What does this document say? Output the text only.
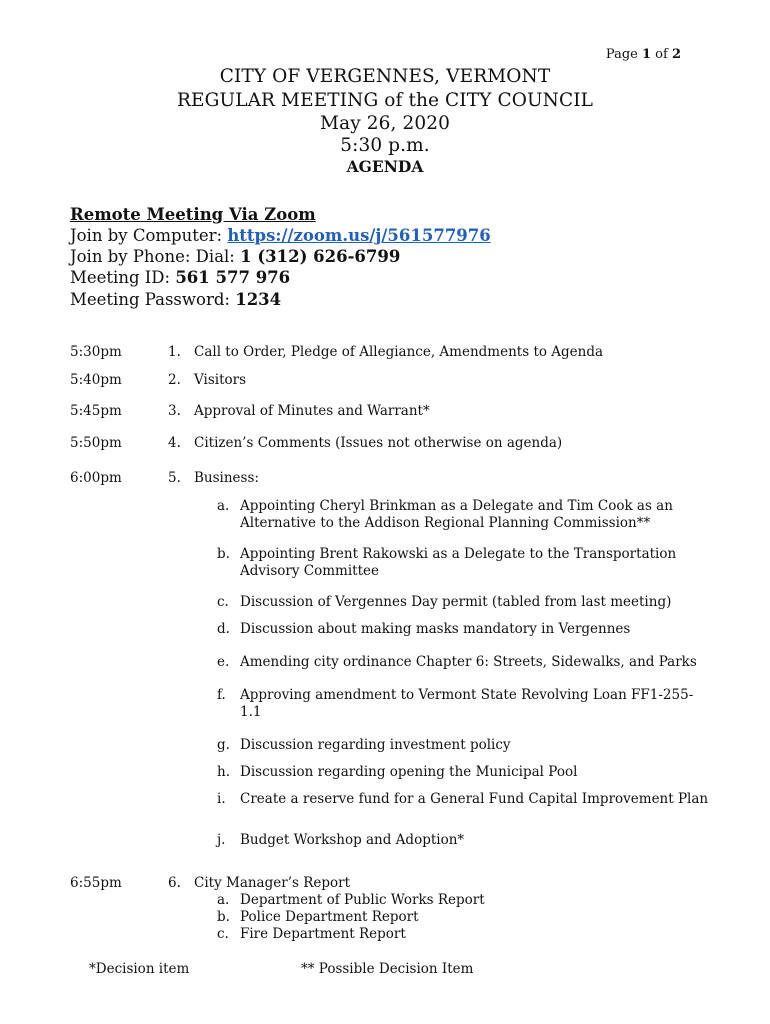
Page 1 of 2
CITY OF VERGENNES, VERMONT
REGULAR MEETING of the CITY COUNCIL
May 26, 2020
5:30 p.m.
AGENDA
Remote Meeting Via Zoom
Join by Computer: https://zoom.us/j/561577976
Join by Phone: Dial: 1 (312) 626-6799
Meeting ID: 561 577 976
Meeting Password: 1234
5:30pm	1. Call to Order, Pledge of Allegiance, Amendments to Agenda
5:40pm	2. Visitors
5:45pm	3. Approval of Minutes and Warrant*
5:50pm	4. Citizen’s Comments (Issues not otherwise on agenda)
6:00pm	5. Business:
a. Appointing Cheryl Brinkman as a Delegate and Tim Cook as an
Alternative to the Addison Regional Planning Commission**
b. Appointing Brent Rakowski as a Delegate to the Transportation
Advisory Committee
c. Discussion of Vergennes Day permit (tabled from last meeting)
d. Discussion about making masks mandatory in Vergennes
e. Amending city ordinance Chapter 6: Streets, Sidewalks, and Parks
f. Approving amendment to Vermont State Revolving Loan FF1-255-
1.1
g. Discussion regarding investment policy
h. Discussion regarding opening the Municipal Pool
i. Create a reserve fund for a General Fund Capital Improvement Plan
j. Budget Workshop and Adoption*
6:55pm	6. City Manager’s Report
a. Department of Public Works Report
b. Police Department Report
c. Fire Department Report
*Decision item	** Possible Decision Item
